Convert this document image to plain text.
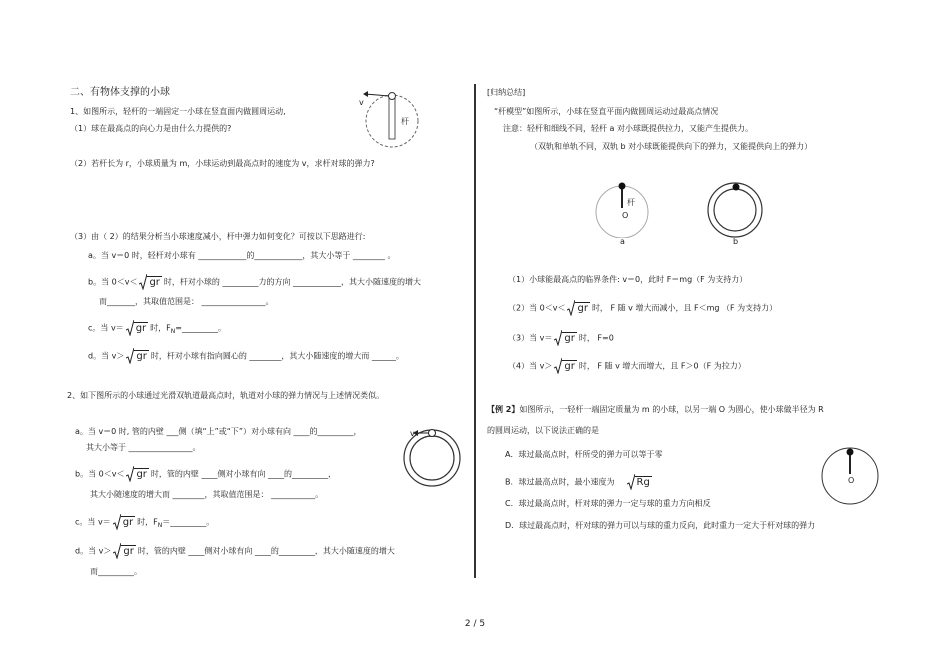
二、有物体支撑的小球
1、如图所示，轻杆的一端固定一小球在竖直面内做圆周运动,
（1）球在最高点的向心力是由什么力提供的?
（2）若杆长为 r，小球质量为 m，小球运动到最高点时的速度为 v，求杆对球的弹力?
v
杆
（3）由（ 2）的结果分析当小球速度减小，杆中弹力如何变化？可按以下思路进行:
a。当 v＝0 时，轻杆对小球有 ____________的____________，其大小等于 ________ 。
b。当 0＜v＜ gr 时，杆对小球的 _________力的方向 ____________，其大小随速度的增大
而_______，其取值范围是： ________________。
c。当 v＝ gr 时，$F_N=\_\_\_\_\_\_\_\_\_$。
d。当 v＞ gr 时，杆对小球有指向圆心的 ________，其大小随速度的增大而 ______。
2、如下图所示的小球通过光滑双轨道最高点时，轨道对小球的弹力情况与上述情况类似。
a。当 v＝0 时, 管的内壁 ___侧（填“上”或“下”）对小球有向 ____的_________，
其大小等于 ________________。
v
b。当 0＜v＜ gr 时，管的内壁 ____侧对小球有向 ____的_________，
其大小随速度的增大而 ________，其取值范围是： ___________。
c。当 v＝ gr 时，$F_N=\_\_\_\_\_\_\_\_\_$。
d。当 v＞ gr 时，管的内壁 ____侧对小球有向 ____的_________，其大小随速度的增大
而_________。
[归纳总结]
“杆模型”如图所示，小球在竖直平面内做圆周运动过最高点情况
注意：轻杆和细线不同，轻杆 a 对小球既提供拉力，又能产生提供力。
（双轨和单轨不同，双轨 b 对小球既能提供向下的弹力，又能提供向上的弹力）
杆
O
a	b
（1）小球能最高点的临界条件: v＝0，此时 F＝mg（F 为支持力）
（2）当 0＜v＜ gr 时， F 随 v 增大而减小，且 F＜mg （F 为支持力）
（3）当 v＝ gr 时， F=0
（4）当 v＞ gr 时， F 随 v 增大而增大，且 F＞0（F 为拉力）
【例 2】如图所示，一轻杆一端固定质量为 m 的小球，以另一端 O 为圆心，使小球做半径为 R
的圆周运动，以下说法正确的是
A．球过最高点时，杆所受的弹力可以等于零
B．球过最高点时，最小速度为 Rg
C．球过最高点时，杆对球的弹力一定与球的重力方向相反
D．球过最高点时，杆对球的弹力可以与球的重力反向，此时重力一定大于杆对球的弹力
O
2 / 5
